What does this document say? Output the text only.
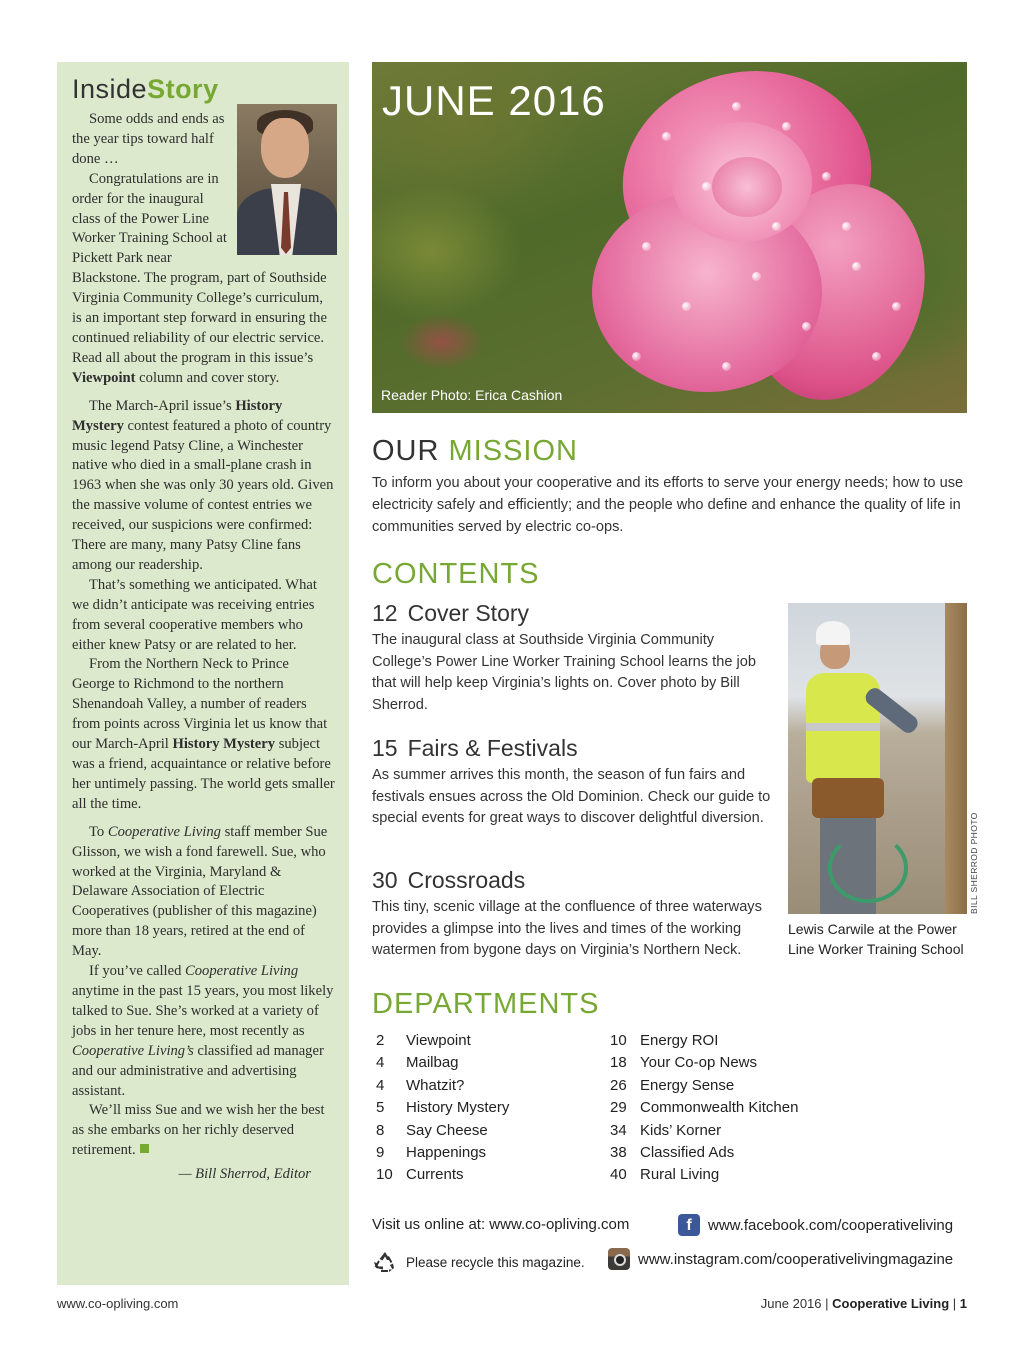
InsideStory

Some odds and ends as the year tips toward half done …

Congratulations are in order for the inaugural class of the Power Line Worker Training School at Pickett Park near Blackstone. The program, part of Southside Virginia Community College’s curriculum, is an important step forward in ensuring the continued reliability of our electric service. Read all about the program in this issue’s Viewpoint column and cover story.

The March-April issue’s History Mystery contest featured a photo of country music legend Patsy Cline, a Winchester native who died in a small-plane crash in 1963 when she was only 30 years old. Given the massive volume of contest entries we received, our suspicions were confirmed: There are many, many Patsy Cline fans among our readership.

That’s something we anticipated. What we didn’t anticipate was receiving entries from several cooperative members who either knew Patsy or are related to her.

From the Northern Neck to Prince George to Richmond to the northern Shenandoah Valley, a number of readers from points across Virginia let us know that our March-April History Mystery subject was a friend, acquaintance or relative before her untimely passing. The world gets smaller all the time.

To Cooperative Living staff member Sue Glisson, we wish a fond farewell. Sue, who worked at the Virginia, Maryland & Delaware Association of Electric Cooperatives (publisher of this magazine) more than 18 years, retired at the end of May.

If you’ve called Cooperative Living anytime in the past 15 years, you most likely talked to Sue. She’s worked at a variety of jobs in her tenure here, most recently as Cooperative Living’s classified ad manager and our administrative and advertising assistant.

We’ll miss Sue and we wish her the best as she embarks on her richly deserved retirement.

— Bill Sherrod, Editor
JUNE 2016
Reader Photo: Erica Cashion
OUR MISSION
To inform you about your cooperative and its efforts to serve your energy needs; how to use electricity safely and efficiently; and the people who define and enhance the quality of life in communities served by electric co-ops.
CONTENTS
12 Cover Story
The inaugural class at Southside Virginia Community College’s Power Line Worker Training School learns the job that will help keep Virginia’s lights on. Cover photo by Bill Sherrod.
15 Fairs & Festivals
As summer arrives this month, the season of fun fairs and festivals ensues across the Old Dominion. Check our guide to special events for great ways to discover delightful diversion.
30 Crossroads
This tiny, scenic village at the confluence of three waterways provides a glimpse into the lives and times of the working watermen from bygone days on Virginia’s Northern Neck.
BILL SHERROD PHOTO
Lewis Carwile at the Power Line Worker Training School
DEPARTMENTS
2	Viewpoint
4	Mailbag
4	Whatzit?
5	History Mystery
8	Say Cheese
9	Happenings
10 Currents
10 Energy ROI
18 Your Co-op News
26 Energy Sense
29 Commonwealth Kitchen
34 Kids’ Korner
38 Classified Ads
40 Rural Living
Visit us online at: www.co-opliving.com
Please recycle this magazine.
f	www.facebook.com/cooperativeliving
www.instagram.com/cooperativelivingmagazine
www.co-opliving.com	June 2016 | Cooperative Living | 1
